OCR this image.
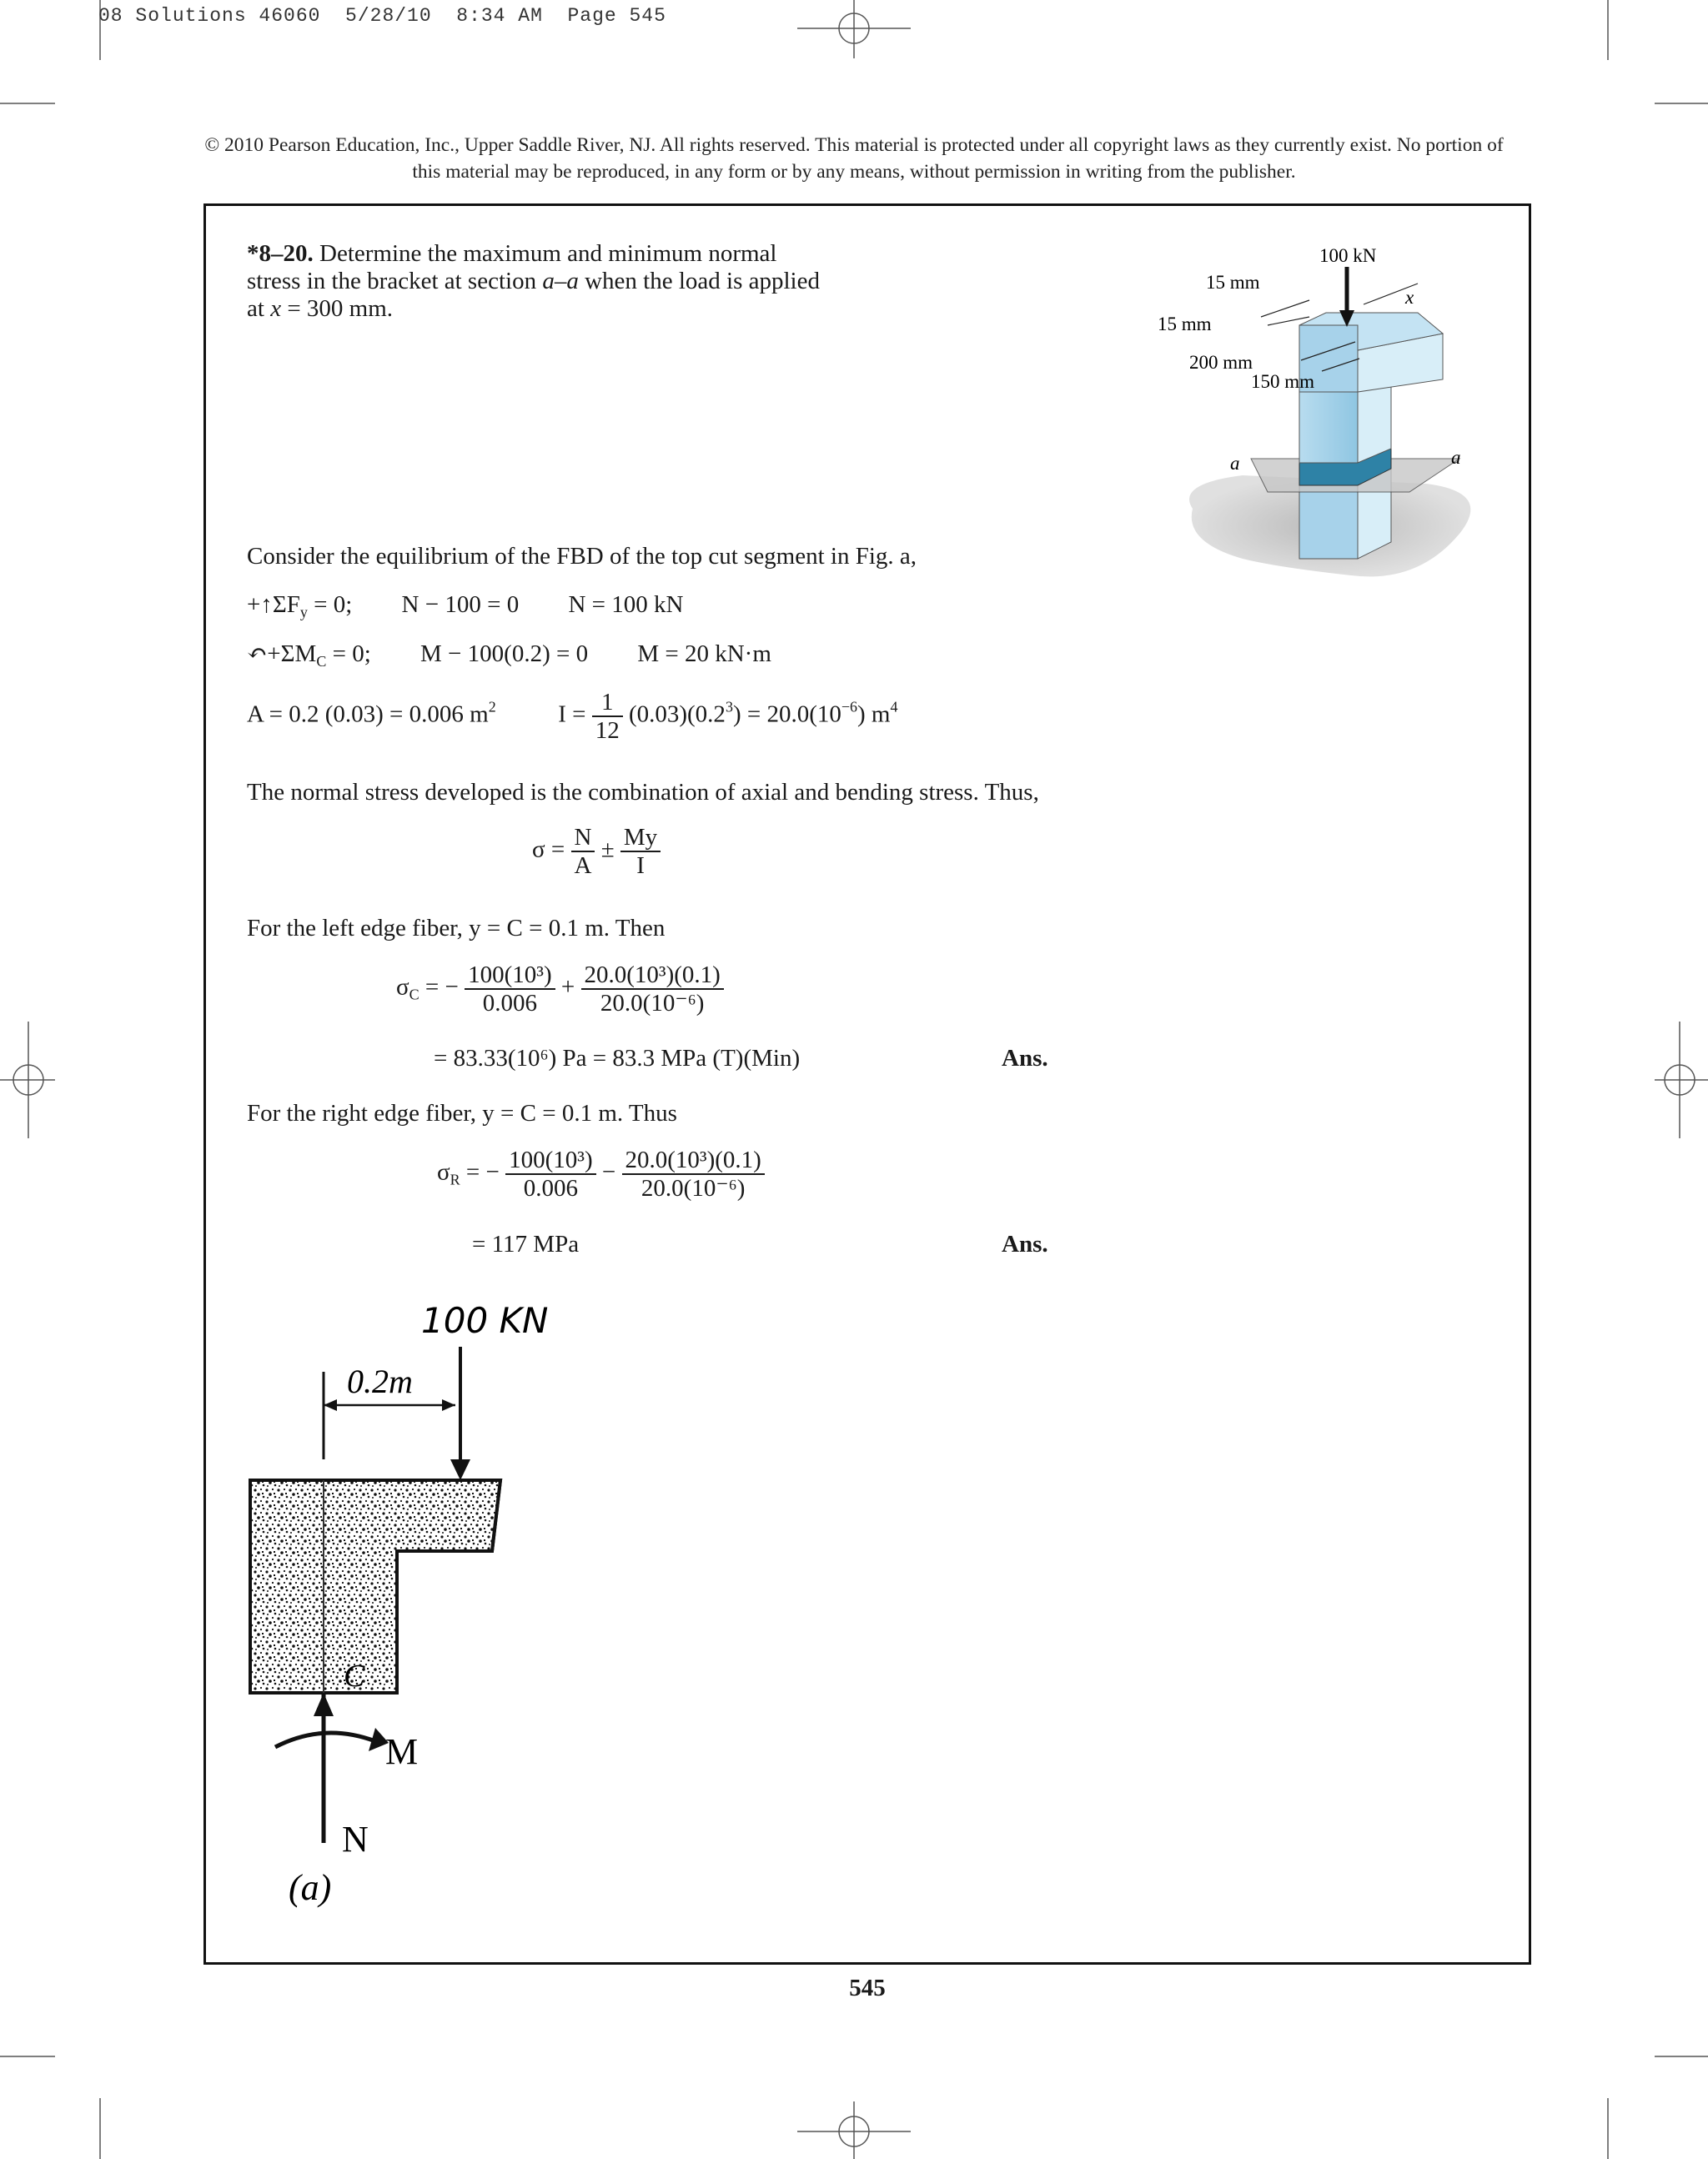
08 Solutions 46060  5/28/10  8:34 AM  Page 545
© 2010 Pearson Education, Inc., Upper Saddle River, NJ. All rights reserved. This material is protected under all copyright laws as they currently exist. No portion of this material may be reproduced, in any form or by any means, without permission in writing from the publisher.
*8–20. Determine the maximum and minimum normal stress in the bracket at section a–a when the load is applied at x = 300 mm.
100 kN
15 mm
15 mm
200 mm
150 mm
x
a	a
Consider the equilibrium of the FBD of the top cut segment in Fig. a,
$+↑\Sigma F_y = 0$; N − 100 = 0 N = 100 kN
$↶+\Sigma M_C = 0$; M − 100(0.2) = 0 M = 20 kN·m
A = 0.2 (0.03) = 0.006 $m^2$	$I = \frac{1}{12} (0.03)(0.2^3) = 20.0(10^{-6})$ $m^4$
The normal stress developed is the combination of axial and bending stress. Thus,
$\sigma = \frac{N}{A} \pm \frac{My}{I}$
For the left edge fiber, y = C = 0.1 m. Then
$\sigma_C$ = − $\frac{\text{100(10³)}}{0.006} + \frac{\text{20.0(10³)(0.1)}}{\text{20.0(10⁻⁶)}}$
= 83.33(10⁶) Pa = 83.3 MPa (T)(Min)	Ans.
For the right edge fiber, y = C = 0.1 m. Thus
$\sigma_R$ = − $\frac{\text{100(10³)}}{0.006} - \frac{\text{20.0(10³)(0.1)}}{\text{20.0(10⁻⁶)}}$
= 117 MPa	Ans.
100 KN
0.2m
C
M
N
(a)
545
